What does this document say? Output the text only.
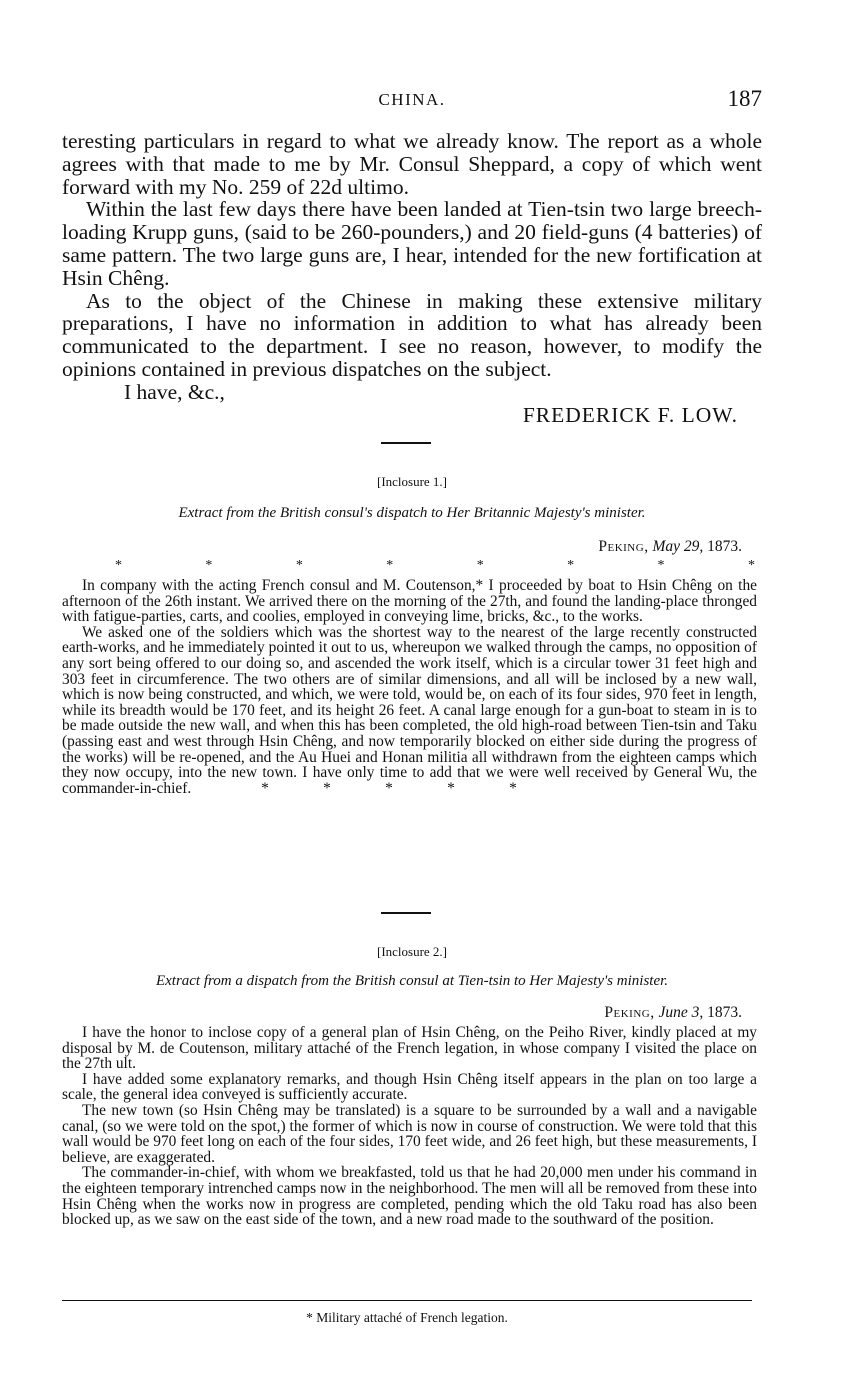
CHINA.	187

teresting particulars in regard to what we already know. The report as a whole agrees with that made to me by Mr. Consul Sheppard, a copy of which went forward with my No. 259 of 22d ultimo.

Within the last few days there have been landed at Tien-tsin two large breech-loading Krupp guns, (said to be 260-pounders,) and 20 field-guns (4 batteries) of same pattern. The two large guns are, I hear, intended for the new fortification at Hsin Chêng.

As to the object of the Chinese in making these extensive military preparations, I have no information in addition to what has already been communicated to the department. I see no reason, however, to modify the opinions contained in previous dispatches on the subject.

I have, &c.,

FREDERICK F. LOW.

[Inclosure 1.]
Extract from the British consul's dispatch to Her Britannic Majesty's minister.
Peking, May 29, 1873.
*	*	*	*	*	*	*	*

In company with the acting French consul and M. Coutenson,* I proceeded by boat to Hsin Chêng on the afternoon of the 26th instant. We arrived there on the morning of the 27th, and found the landing-place thronged with fatigue-parties, carts, and coolies, employed in conveying lime, bricks, &c., to the works.

We asked one of the soldiers which was the shortest way to the nearest of the large recently constructed earth-works, and he immediately pointed it out to us, whereupon we walked through the camps, no opposition of any sort being offered to our doing so, and ascended the work itself, which is a circular tower 31 feet high and 303 feet in circumference. The two others are of similar dimensions, and all will be inclosed by a new wall, which is now being constructed, and which, we were told, would be, on each of its four sides, 970 feet in length, while its breadth would be 170 feet, and its height 26 feet. A canal large enough for a gun-boat to steam in is to be made outside the new wall, and when this has been completed, the old high-road between Tien-tsin and Taku (passing east and west through Hsin Chêng, and now temporarily blocked on either side during the progress of the works) will be re-opened, and the Au Huei and Honan militia all withdrawn from the eighteen camps which they now occupy, into the new town. I have only time to add that we were well received by General Wu, the commander-in-chief.	*	*	*	*	*

[Inclosure 2.]
Extract from a dispatch from the British consul at Tien-tsin to Her Majesty's minister.
Peking, June 3, 1873.

I have the honor to inclose copy of a general plan of Hsin Chêng, on the Peiho River, kindly placed at my disposal by M. de Coutenson, military attaché of the French legation, in whose company I visited the place on the 27th ult.

I have added some explanatory remarks, and though Hsin Chêng itself appears in the plan on too large a scale, the general idea conveyed is sufficiently accurate.

The new town (so Hsin Chêng may be translated) is a square to be surrounded by a wall and a navigable canal, (so we were told on the spot,) the former of which is now in course of construction. We were told that this wall would be 970 feet long on each of the four sides, 170 feet wide, and 26 feet high, but these measurements, I believe, are exaggerated.

The commander-in-chief, with whom we breakfasted, told us that he had 20,000 men under his command in the eighteen temporary intrenched camps now in the neighborhood. The men will all be removed from these into Hsin Chêng when the works now in progress are completed, pending which the old Taku road has also been blocked up, as we saw on the east side of the town, and a new road made to the southward of the position.

* Military attaché of French legation.
